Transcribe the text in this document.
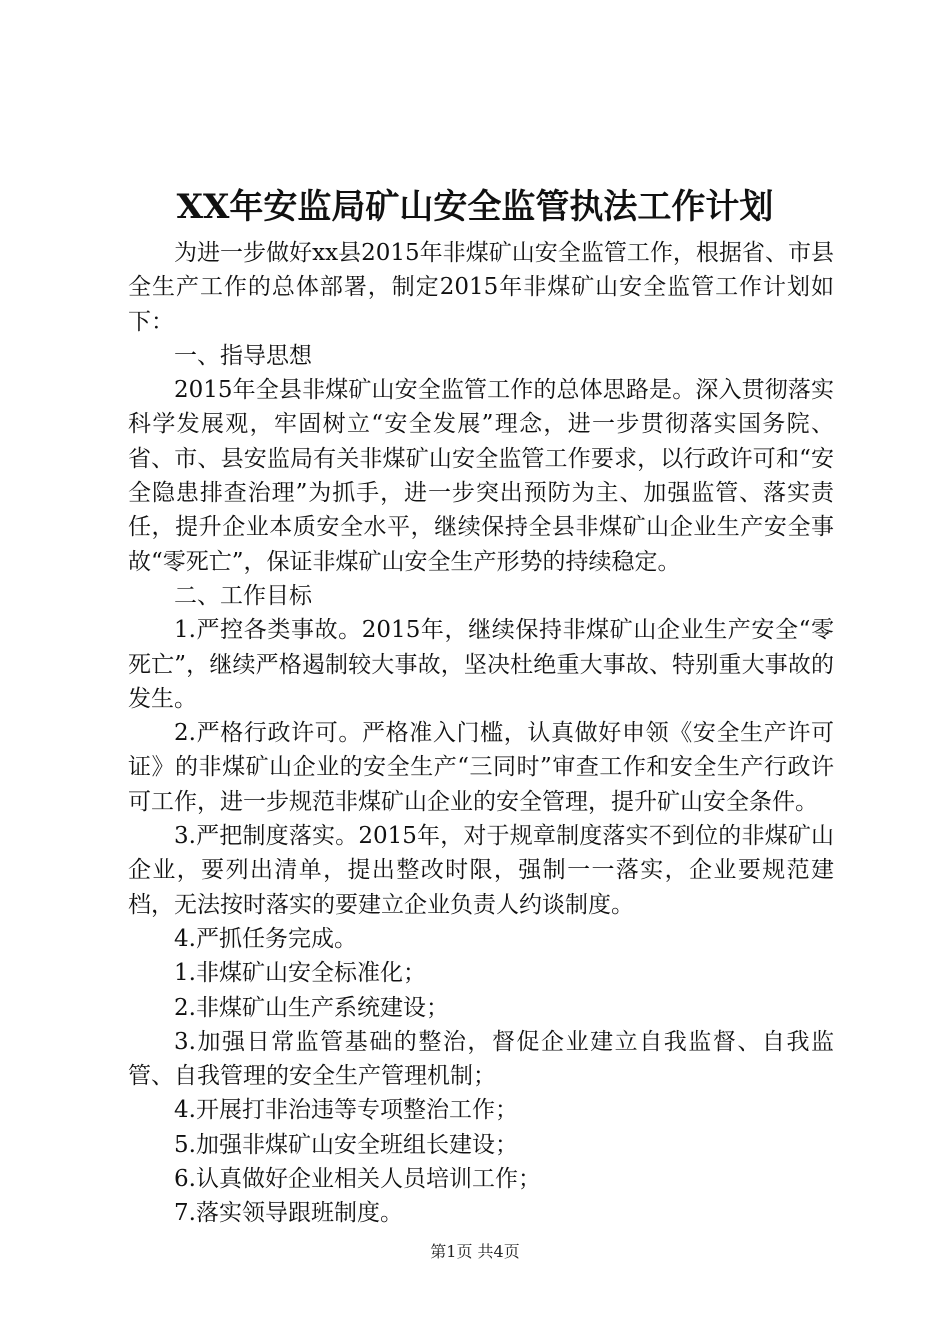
XX年安监局矿山安全监管执法工作计划

为进一步做好xx县2015年非煤矿山安全监管工作，根据省、市县全生产工作的总体部署，制定2015年非煤矿山安全监管工作计划如下：

一、指导思想

2015年全县非煤矿山安全监管工作的总体思路是。深入贯彻落实科学发展观，牢固树立“安全发展”理念，进一步贯彻落实国务院、省、市、县安监局有关非煤矿山安全监管工作要求，以行政许可和“安全隐患排查治理”为抓手，进一步突出预防为主、加强监管、落实责任，提升企业本质安全水平，继续保持全县非煤矿山企业生产安全事故“零死亡”，保证非煤矿山安全生产形势的持续稳定。

二、工作目标

1.严控各类事故。2015年，继续保持非煤矿山企业生产安全“零死亡”，继续严格遏制较大事故，坚决杜绝重大事故、特别重大事故的发生。

2.严格行政许可。严格准入门槛，认真做好申领《安全生产许可证》的非煤矿山企业的安全生产“三同时”审查工作和安全生产行政许可工作，进一步规范非煤矿山企业的安全管理，提升矿山安全条件。

3.严把制度落实。2015年，对于规章制度落实不到位的非煤矿山企业，要列出清单，提出整改时限，强制一一落实，企业要规范建档，无法按时落实的要建立企业负责人约谈制度。

4.严抓任务完成。

1.非煤矿山安全标准化；

2.非煤矿山生产系统建设；

3.加强日常监管基础的整治，督促企业建立自我监督、自我监管、自我管理的安全生产管理机制；

4.开展打非治违等专项整治工作；

5.加强非煤矿山安全班组长建设；

6.认真做好企业相关人员培训工作；

7.落实领导跟班制度。

第1页 共4页
